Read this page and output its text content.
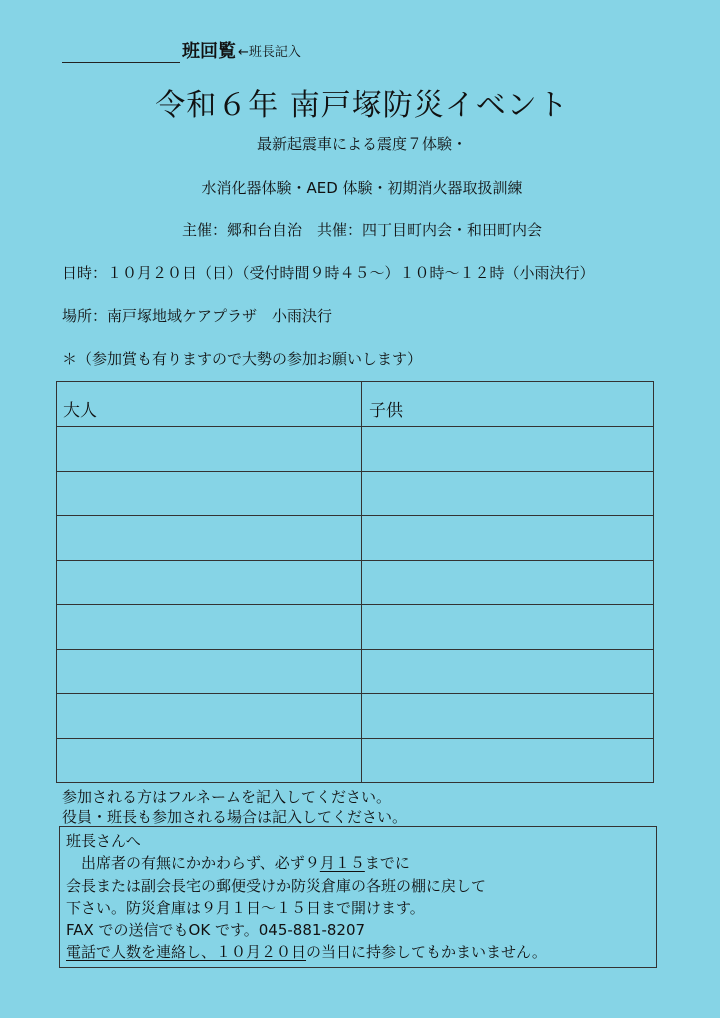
班回覧 ←班長記入
令和６年 南戸塚防災イベント
最新起震車による震度７体験・
水消化器体験・AED 体験・初期消火器取扱訓練
主催：郷和台自治　共催：四丁目町内会・和田町内会
日時：１０月２０日（日）（受付時間９時４５～）１０時～１２時（小雨決行）
場所：南戸塚地域ケアプラザ　小雨決行
＊（参加賞も有りますので大勢の参加お願いします）
大人	子供
参加される方はフルネームを記入してください。
役員・班長も参加される場合は記入してください。
班長さんへ
　出席者の有無にかかわらず、必ず９月１５までに
会長または副会長宅の郵便受けか防災倉庫の各班の棚に戻して
下さい。防災倉庫は９月１日～１５日まで開けます。
FAX での送信でもOK です。045-881-8207
電話で人数を連絡し、１０月２０日の当日に持参してもかまいません。
